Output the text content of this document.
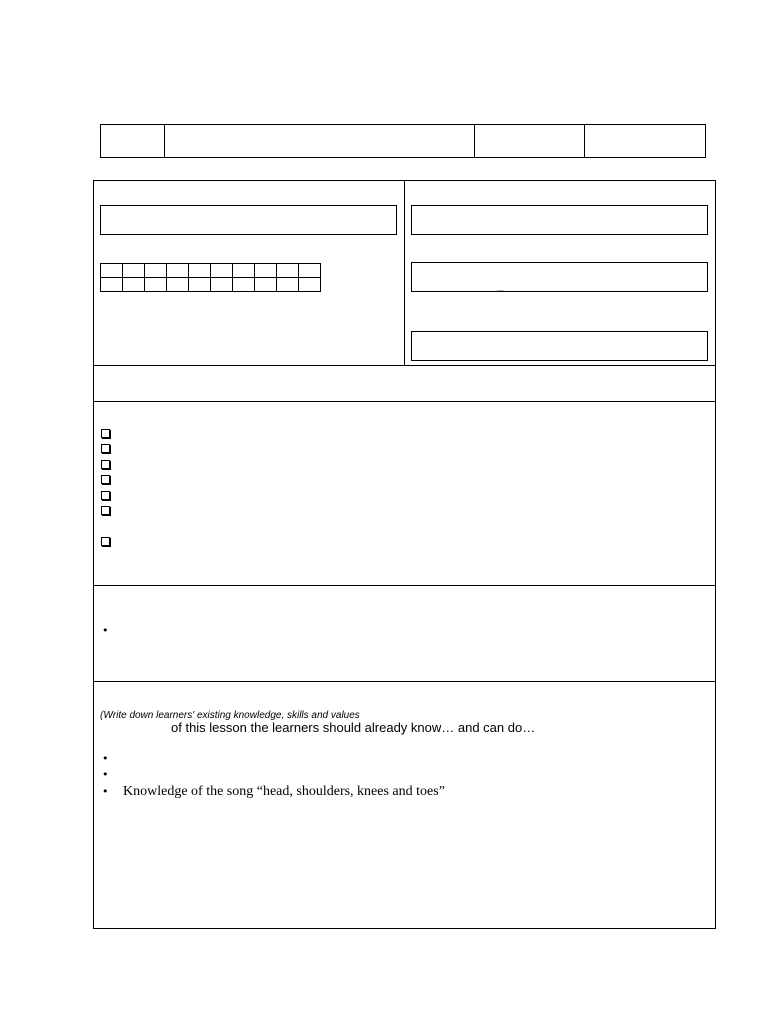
_
•
(Write down learners' existing knowledge, skills and values
of this lesson the learners should already know… and can do…
•
•
• Knowledge of the song “head, shoulders, knees and toes”
